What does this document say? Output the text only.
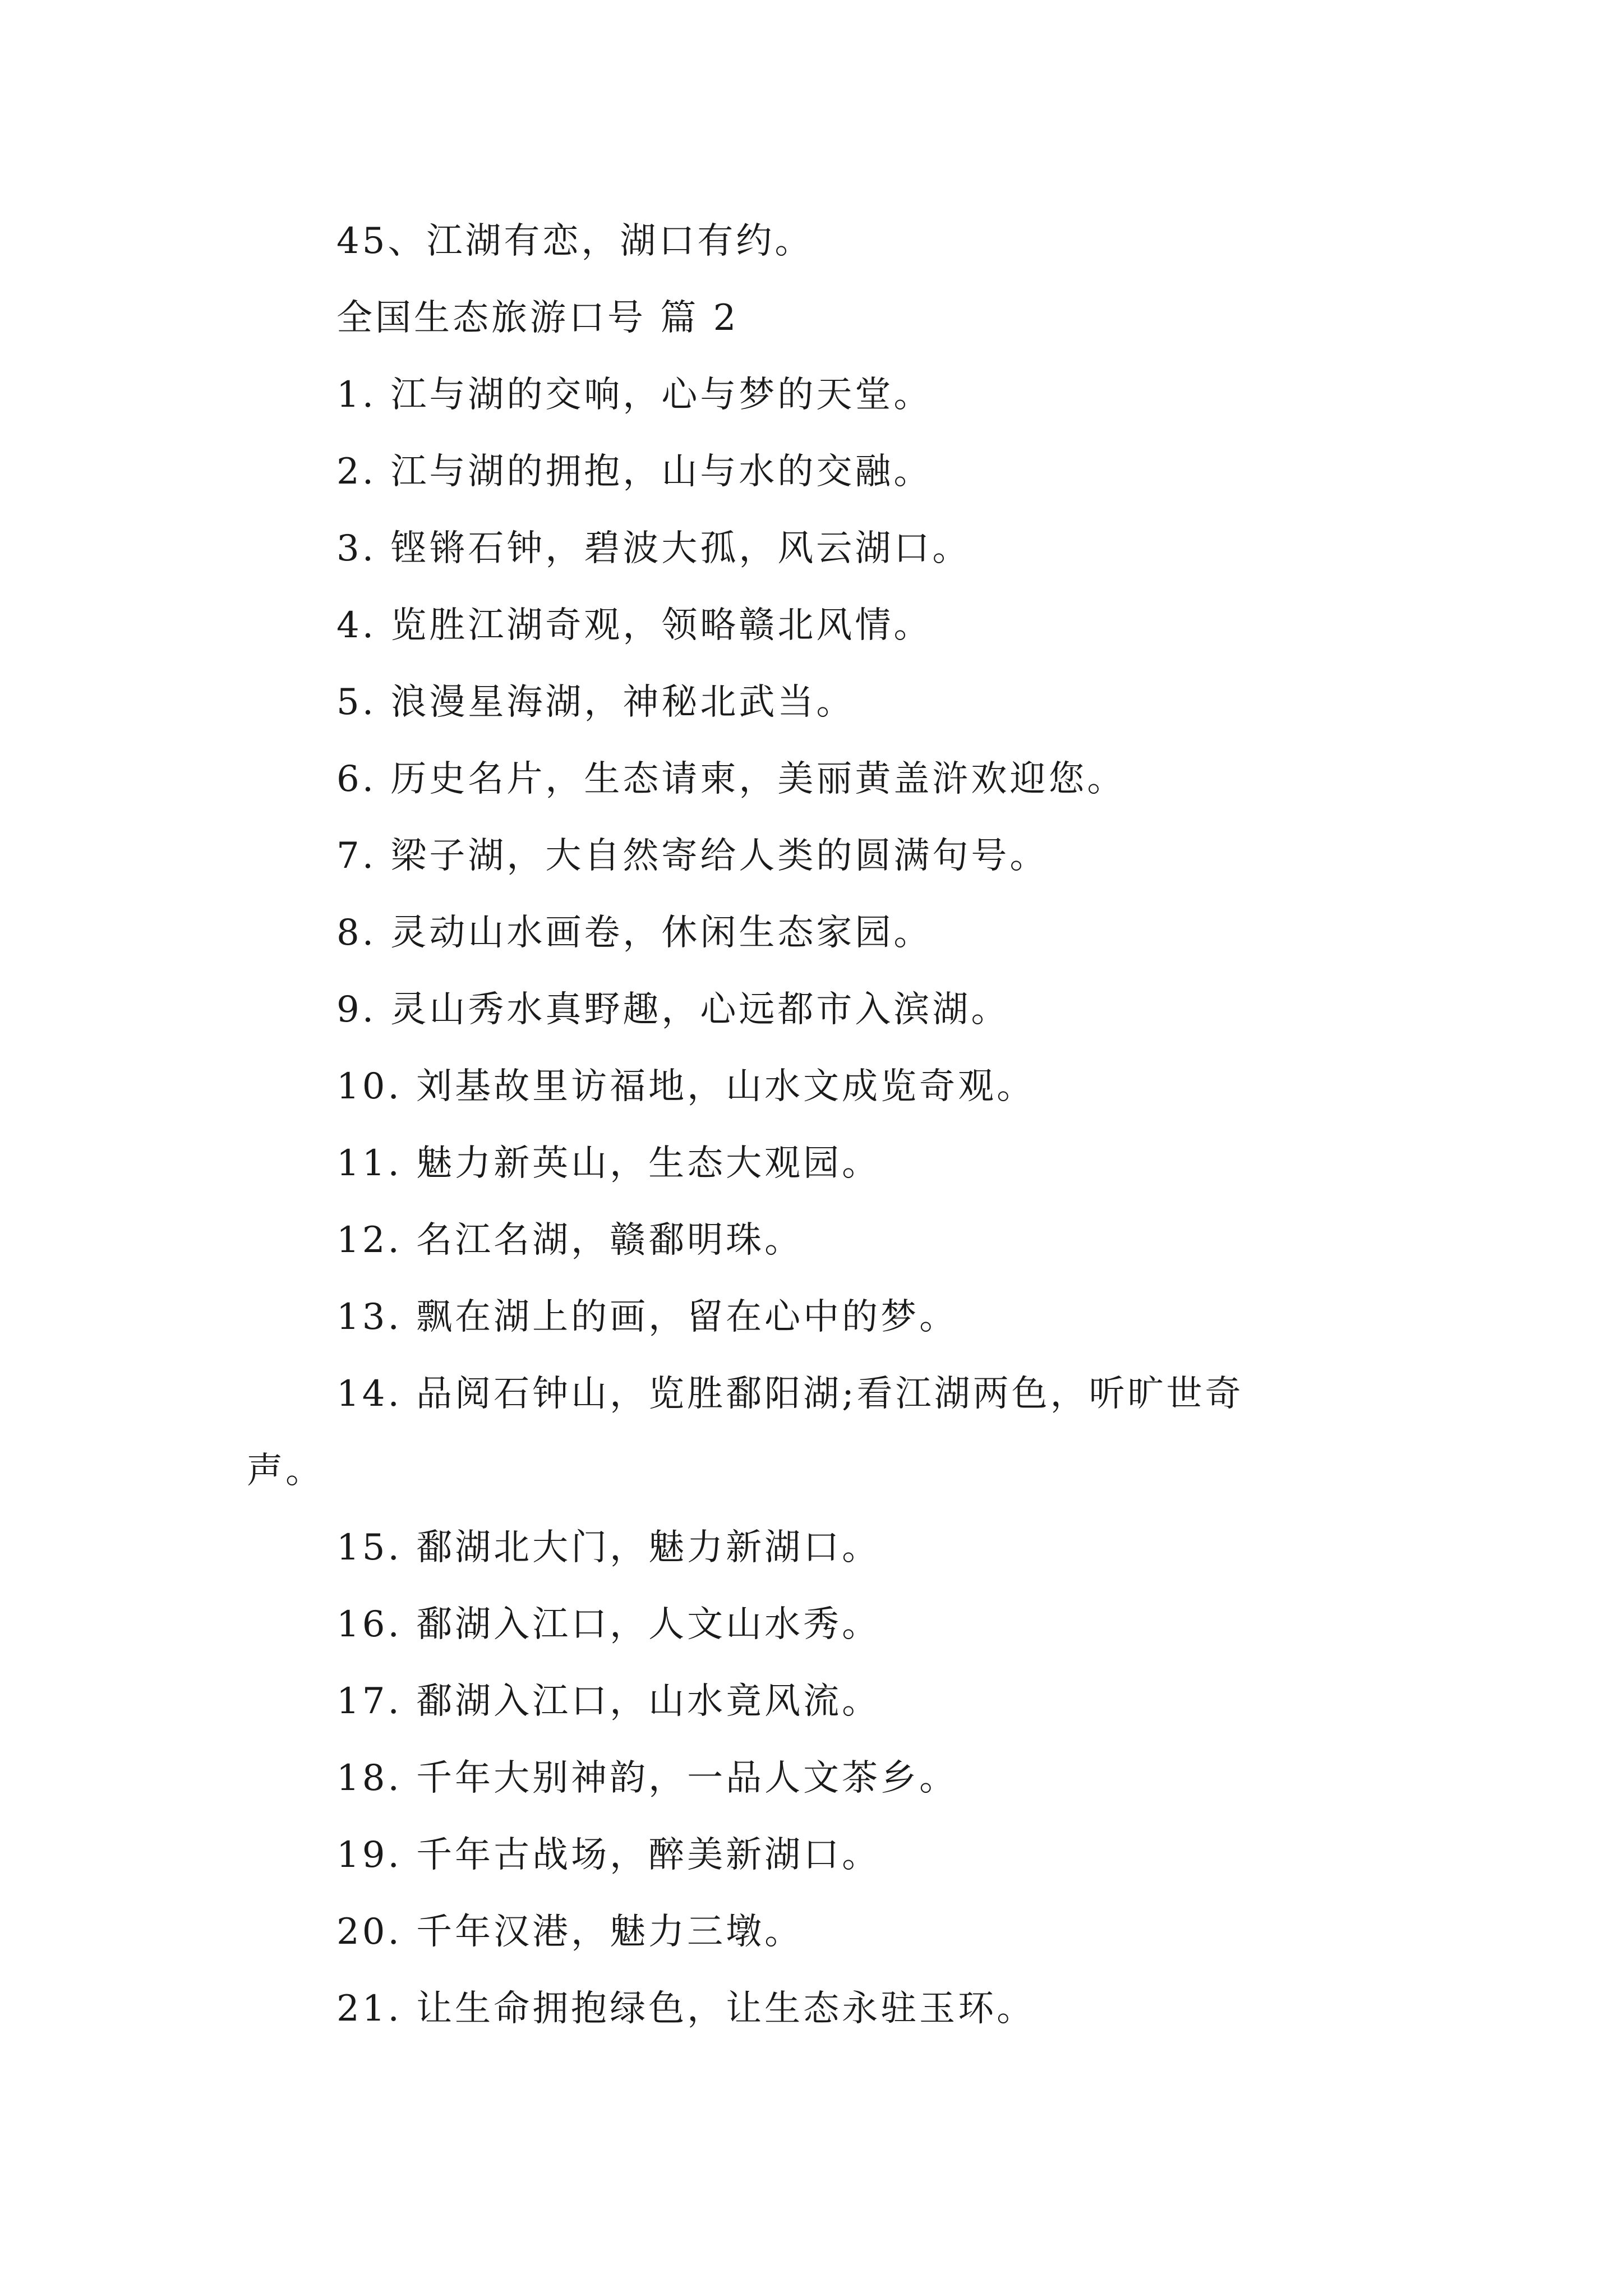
45、江湖有恋，湖口有约。
全国生态旅游口号 篇 2
1. 江与湖的交响，心与梦的天堂。
2. 江与湖的拥抱，山与水的交融。
3. 铿锵石钟，碧波大孤，风云湖口。
4. 览胜江湖奇观，领略赣北风情。
5. 浪漫星海湖，神秘北武当。
6. 历史名片，生态请柬，美丽黄盖浒欢迎您。
7. 梁子湖，大自然寄给人类的圆满句号。
8. 灵动山水画卷，休闲生态家园。
9. 灵山秀水真野趣，心远都市入滨湖。
10. 刘基故里访福地，山水文成览奇观。
11. 魅力新英山，生态大观园。
12. 名江名湖，赣鄱明珠。
13. 飘在湖上的画，留在心中的梦。
14. 品阅石钟山，览胜鄱阳湖;看江湖两色，听旷世奇
声。
15. 鄱湖北大门，魅力新湖口。
16. 鄱湖入江口，人文山水秀。
17. 鄱湖入江口，山水竟风流。
18. 千年大别神韵，一品人文茶乡。
19. 千年古战场，醉美新湖口。
20. 千年汉港，魅力三墩。
21. 让生命拥抱绿色，让生态永驻玉环。
